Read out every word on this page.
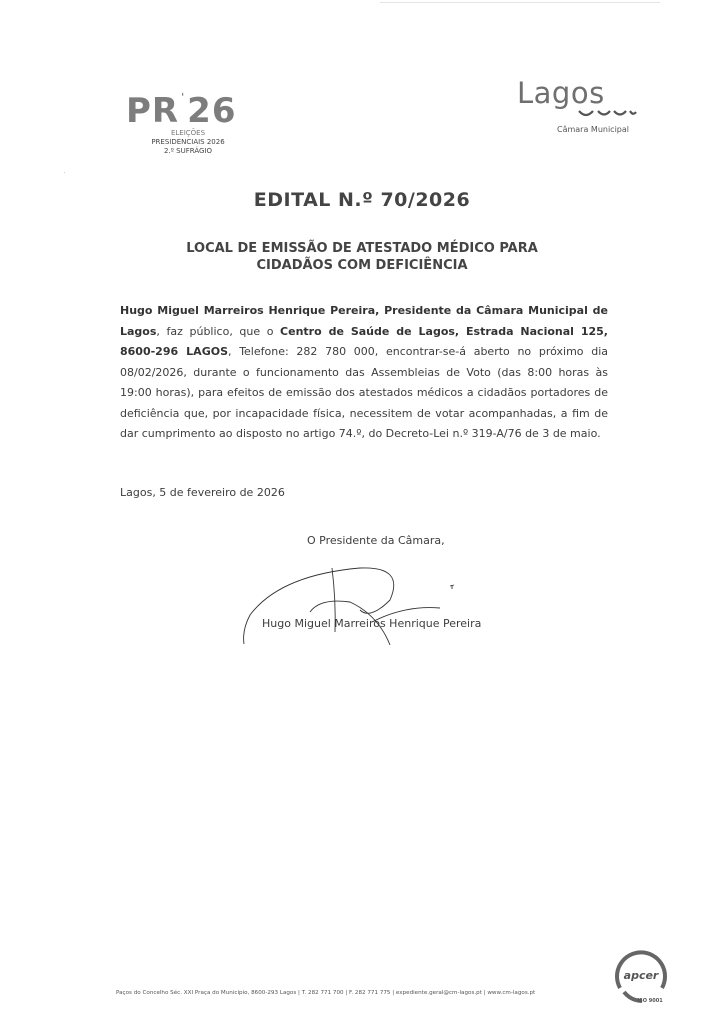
PR '26
ELEIÇÕES
PRESIDENCIAIS 2026
2.º SUFRÁGIO
Lagos
Câmara Municipal
EDITAL N.º 70/2026
LOCAL DE EMISSÃO DE ATESTADO MÉDICO PARA
CIDADÃOS COM DEFICIÊNCIA
Hugo Miguel Marreiros Henrique Pereira, Presidente da Câmara Municipal de Lagos, faz público, que o Centro de Saúde de Lagos, Estrada Nacional 125, 8600-296 LAGOS, Telefone: 282 780 000, encontrar-se-á aberto no próximo dia 08/02/2026, durante o funcionamento das Assembleias de Voto (das 8:00 horas às 19:00 horas), para efeitos de emissão dos atestados médicos a cidadãos portadores de deficiência que, por incapacidade física, necessitem de votar acompanhadas, a fim de dar cumprimento ao disposto no artigo 74.º, do Decreto-Lei n.º 319-A/76 de 3 de maio.
Lagos, 5 de fevereiro de 2026
O Presidente da Câmara,
Hugo Miguel Marreiros Henrique Pereira
Paços do Concelho Séc. XXI Praça do Município, 8600-293 Lagos | T. 282 771 700 | F. 282 771 775 | expediente.geral@cm-lagos.pt | www.cm-lagos.pt
apcer
ISO 9001
